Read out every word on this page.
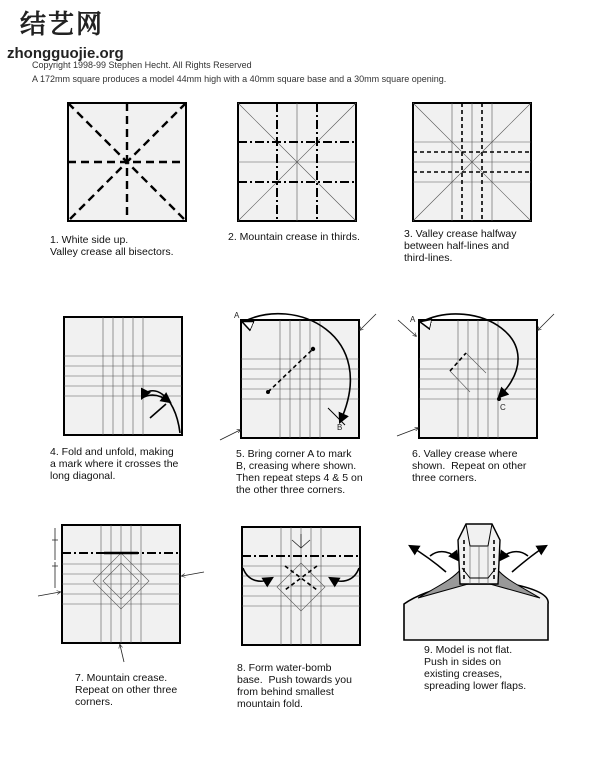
结艺网
zhongguojie.org
Copyright 1998-99 Stephen Hecht. All Rights Reserved
A 172mm square produces a model 44mm high with a 40mm square base and a 30mm square opening.
A
B
A
C
1. White side up.
Valley crease all bisectors.
2. Mountain crease in thirds.	3. Valley crease halfway
between half-lines and
third-lines.
4. Fold and unfold, making
a mark where it crosses the
long diagonal.
5. Bring corner A to mark
B, creasing where shown.
Then repeat steps 4 & 5 on
the other three corners.
6. Valley crease where
shown.  Repeat on other
three corners.
7. Mountain crease.
Repeat on other three
corners.
8. Form water-bomb
base.  Push towards you
from behind smallest
mountain fold.
9. Model is not flat.
Push in sides on
existing creases,
spreading lower flaps.
